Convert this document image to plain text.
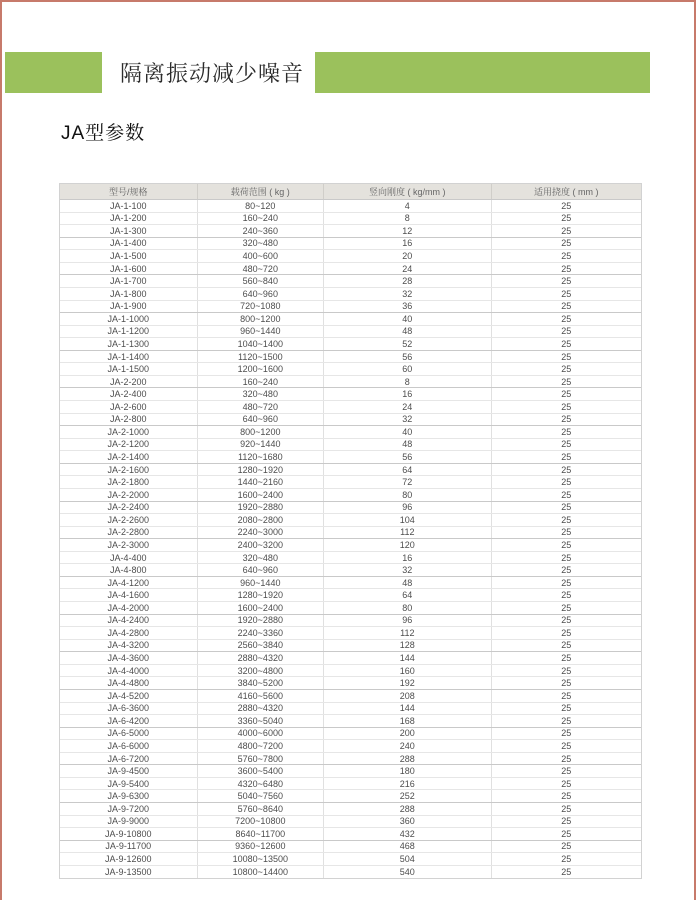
隔离振动减少噪音
JA型参数
型号/规格	载荷范围 ( kg )	竖向刚度 ( kg/mm )	适用挠度 ( mm )
JA-1-100	80~120	4	25
JA-1-200	160~240	8	25
JA-1-300	240~360	12	25
JA-1-400	320~480	16	25
JA-1-500	400~600	20	25
JA-1-600	480~720	24	25
JA-1-700	560~840	28	25
JA-1-800	640~960	32	25
JA-1-900	720~1080	36	25
JA-1-1000	800~1200	40	25
JA-1-1200	960~1440	48	25
JA-1-1300	1040~1400	52	25
JA-1-1400	1120~1500	56	25
JA-1-1500	1200~1600	60	25
JA-2-200	160~240	8	25
JA-2-400	320~480	16	25
JA-2-600	480~720	24	25
JA-2-800	640~960	32	25
JA-2-1000	800~1200	40	25
JA-2-1200	920~1440	48	25
JA-2-1400	1120~1680	56	25
JA-2-1600	1280~1920	64	25
JA-2-1800	1440~2160	72	25
JA-2-2000	1600~2400	80	25
JA-2-2400	1920~2880	96	25
JA-2-2600	2080~2800	104	25
JA-2-2800	2240~3000	112	25
JA-2-3000	2400~3200	120	25
JA-4-400	320~480	16	25
JA-4-800	640~960	32	25
JA-4-1200	960~1440	48	25
JA-4-1600	1280~1920	64	25
JA-4-2000	1600~2400	80	25
JA-4-2400	1920~2880	96	25
JA-4-2800	2240~3360	112	25
JA-4-3200	2560~3840	128	25
JA-4-3600	2880~4320	144	25
JA-4-4000	3200~4800	160	25
JA-4-4800	3840~5200	192	25
JA-4-5200	4160~5600	208	25
JA-6-3600	2880~4320	144	25
JA-6-4200	3360~5040	168	25
JA-6-5000	4000~6000	200	25
JA-6-6000	4800~7200	240	25
JA-6-7200	5760~7800	288	25
JA-9-4500	3600~5400	180	25
JA-9-5400	4320~6480	216	25
JA-9-6300	5040~7560	252	25
JA-9-7200	5760~8640	288	25
JA-9-9000	7200~10800	360	25
JA-9-10800	8640~11700	432	25
JA-9-11700	9360~12600	468	25
JA-9-12600	10080~13500	504	25
JA-9-13500	10800~14400	540	25
